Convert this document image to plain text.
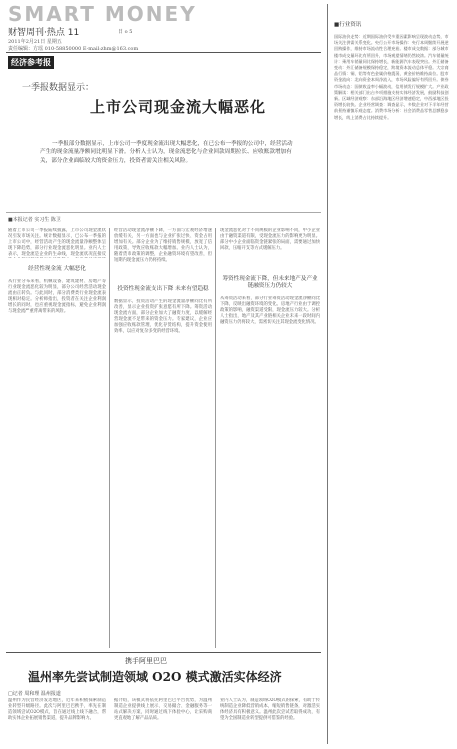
SMART MONEY
财智周刊·热点 11	日 o 5
2011年2月21日 星期五
责任编辑：方瑶 010-58850000 E-mail:zhm@163.com
经济参考报
一季报数据显示：
上市公司现金流大幅恶化
一季报部分数据显示，上市公司一季度现金流出现大幅恶化，在已公布一季报的公司中，经营活动产生的现金流量净额同比明显下滑。分析人士认为，现金流恶化与企业回款周期拉长、应收账款增加有关，部分企业面临较大的资金压力，投资者需关注相关风险。
■本报记者 实习生 陈卫
随着上市公司一季报陆续披露，上市公司现金流状况引发市场关注。统计数据显示，已公布一季报的上市公司中，经营活动产生的现金流量净额整体呈现下降趋势，部分行业现金流恶化明显。业内人士表示，现金流是企业的生命线，现金流状况直接反
经营性现金流 大幅恶化
从行业分布来看，机械设备、建筑建材、房地产等行业现金流恶化较为明显，部分公司经营活动现金流由正转负。与此同时，部分消费类行业现金流表现相对稳定。分析师指出，投资者在关注企业利润增长的同时，也应重视现金流指标，避免企业利润与现金流严重背离带来的风险。
经营活动现金流净额下降，一方面与宏观经济增速放缓有关，另一方面也与企业扩张过快、资金占用增加有关。部分企业为了维持销售规模，放宽了信用政策，导致应收账款大幅增加。业内人士认为，随着货币政策的调整，企业融资环境有望改善，但短期内现金流压力仍将持续。
投资性现金流支出下降 未来有望趋稳
数据显示，投资活动产生的现金流量净额同比有所改善，显示企业投资扩张意愿有所下降。筹资活动现金流方面，部分企业加大了融资力度，以缓解经营现金流不足带来的资金压力。专家建议，企业应加强应收账款管理，优化存货结构，提升资金使用效率，以应对复杂多变的经营环境。
现金流恶化对于不同规模的企业影响不同，中小企业由于融资渠道有限，受现金流压力的影响更为明显。部分中小企业面临资金链紧张的局面，需要通过加快回款、压缩开支等方式缓解压力。
筹资性现金流下降，但未来地产及产业链融资压力仍较大
从筹资活动来看，部分行业筹资活动现金流净额同比下降，反映出融资环境的变化。房地产行业由于调控政策的影响，融资渠道受限，现金流压力较大。分析人士指出，地产及其产业链相关企业未来一段时间内融资压力仍将较大，需密切关注其现金流变化情况。
携手阿里巴巴
温州率先尝试制造领域 O2O 模式激活实体经济
□记者 周和理 温州报道
温州作为民营经济发达地区，近年来积极探索制造业转型升级路径。此次与阿里巴巴携手，率先在制造领域尝试O2O模式，旨在通过线上线下融合，帮助实体企业拓展销售渠道，提升品牌影响力。
据介绍，该模式将依托阿里巴巴平台优势，为温州制造企业提供线上展示、交易撮合、金融服务等一站式解决方案，同时通过线下体验中心，让采购商更直观地了解产品品质。
业内人士认为，制造领域O2O模式的探索，有助于传统制造企业降低营销成本，缩短销售链条，对激活实体经济具有积极意义。温州此次尝试若取得成功，有望为全国制造业转型提供可借鉴的经验。
■行业资讯
国际油价走势：近期国际油价受多重因素影响呈现波动态势，市场关注供需关系变化。央行公开市场操作：央行本周继续开展逆回购操作，维持市场流动性合理充裕。楼市成交数据：部分城市楼市成交量环比有所回升，市场观望情绪仍然较浓。汽车销量统计：乘用车销量同比保持增长，新能源汽车表现突出。外汇储备变动：外汇储备规模保持稳定，跨境资本流动总体平稳。大宗商品行情：铜、铝等有色金属价格震荡，黄金价格维持高位。股市资金流向：北向资金本周净流入，市场风险偏好有所回升。债券市场动态：国债收益率小幅波动，信用债发行规模扩大。产业政策解读：相关部门出台多项措施支持实体经济发展，鼓励科技创新。区域经济观察：东部沿海地区经济增速稳定，中西部地区投资增长较快。企业经营调查：调查显示，多数企业对下半年经营前景持谨慎乐观态度。消费市场分析：社会消费品零售总额稳步增长，线上消费占比持续提升。
